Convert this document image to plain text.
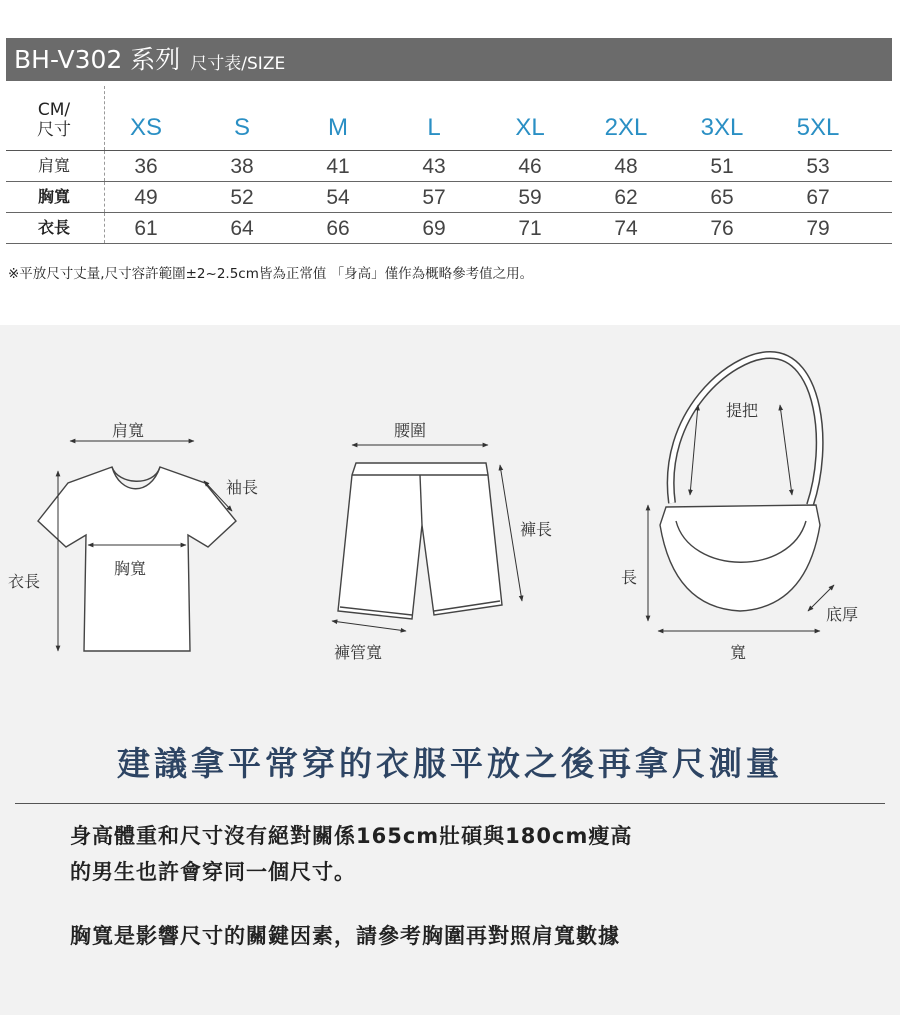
BH-V302 系列 尺寸表/SIZE
CM/
尺寸	XS	S	M	L	XL	2XL	3XL	5XL
肩寬	36	38	41	43	46	48	51	53
胸寬	49	52	54	57	59	62	65	67
衣長	61	64	66	69	71	74	76	79
※平放尺寸丈量,尺寸容許範圍±2~2.5cm皆為正常值 「身高」僅作為概略參考值之用。
肩寬
袖長
胸寬
衣長
腰圍
褲長
褲管寬
提把
長
底厚
寬
建議拿平常穿的衣服平放之後再拿尺測量
身高體重和尺寸沒有絕對關係165cm壯碩與180cm瘦高
的男生也許會穿同一個尺寸。
胸寬是影響尺寸的關鍵因素，請參考胸圍再對照肩寬數據
